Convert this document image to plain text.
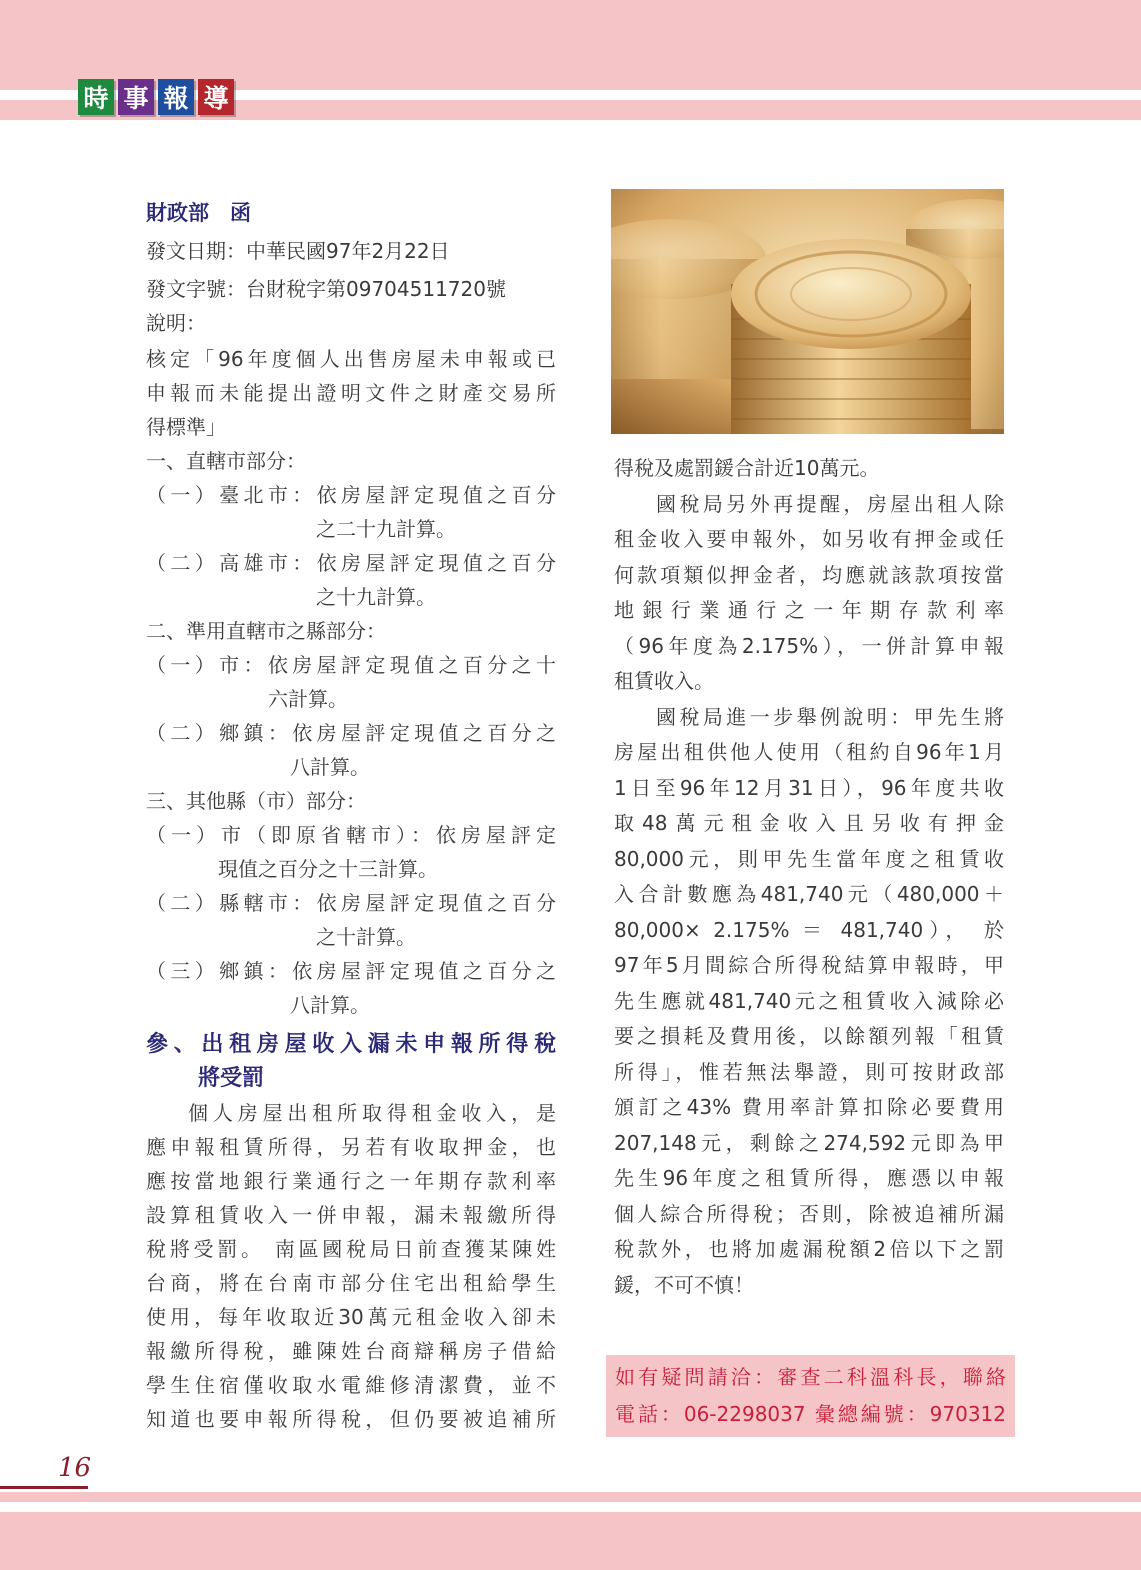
時 事 報 導
財政部　函
發文日期：中華民國97年2月22日
發文字號：台財稅字第09704511720號
說明：
核定「96年度個人出售房屋未申報或已
申報而未能提出證明文件之財產交易所
得標準」
一、直轄市部分：
（一）臺北市：依房屋評定現值之百分
之二十九計算。
（二）高雄市：依房屋評定現值之百分
之十九計算。
二、準用直轄市之縣部分：
（一）市：依房屋評定現值之百分之十
六計算。
（二）鄉鎮：依房屋評定現值之百分之
八計算。
三、其他縣（市）部分：
（一）市（即原省轄市）：依房屋評定
現值之百分之十三計算。
（二）縣轄市：依房屋評定現值之百分
之十計算。
（三）鄉鎮：依房屋評定現值之百分之
八計算。
參、出租房屋收入漏未申報所得稅
將受罰
個人房屋出租所取得租金收入，是
應申報租賃所得，另若有收取押金，也
應按當地銀行業通行之一年期存款利率
設算租賃收入一併申報，漏未報繳所得
稅將受罰。 南區國稅局日前查獲某陳姓
台商，將在台南市部分住宅出租給學生
使用，每年收取近30萬元租金收入卻未
報繳所得稅，雖陳姓台商辯稱房子借給
學生住宿僅收取水電維修清潔費，並不
知道也要申報所得稅，但仍要被追補所
得稅及處罰鍰合計近10萬元。
國稅局另外再提醒，房屋出租人除
租金收入要申報外，如另收有押金或任
何款項類似押金者，均應就該款項按當
地銀行業通行之一年期存款利率
（96年度為2.175%），一併計算申報
租賃收入。
國稅局進一步舉例說明：甲先生將
房屋出租供他人使用（租約自96年1月
1日至96年12月31日），96年度共收
取48萬元租金收入且另收有押金
80,000元，則甲先生當年度之租賃收
入合計數應為481,740元（480,000＋
80,000× 2.175% ＝ 481,740）， 於
97年5月間綜合所得稅結算申報時，甲
先生應就481,740元之租賃收入減除必
要之損耗及費用後，以餘額列報「租賃
所得」，惟若無法舉證，則可按財政部
頒訂之43% 費用率計算扣除必要費用
207,148元，剩餘之274,592元即為甲
先生96年度之租賃所得，應憑以申報
個人綜合所得稅；否則，除被追補所漏
稅款外，也將加處漏稅額2倍以下之罰
鍰，不可不慎！
如有疑問請洽：審查二科溫科長，聯絡
電話：06-2298037 彙總編號：970312
16
